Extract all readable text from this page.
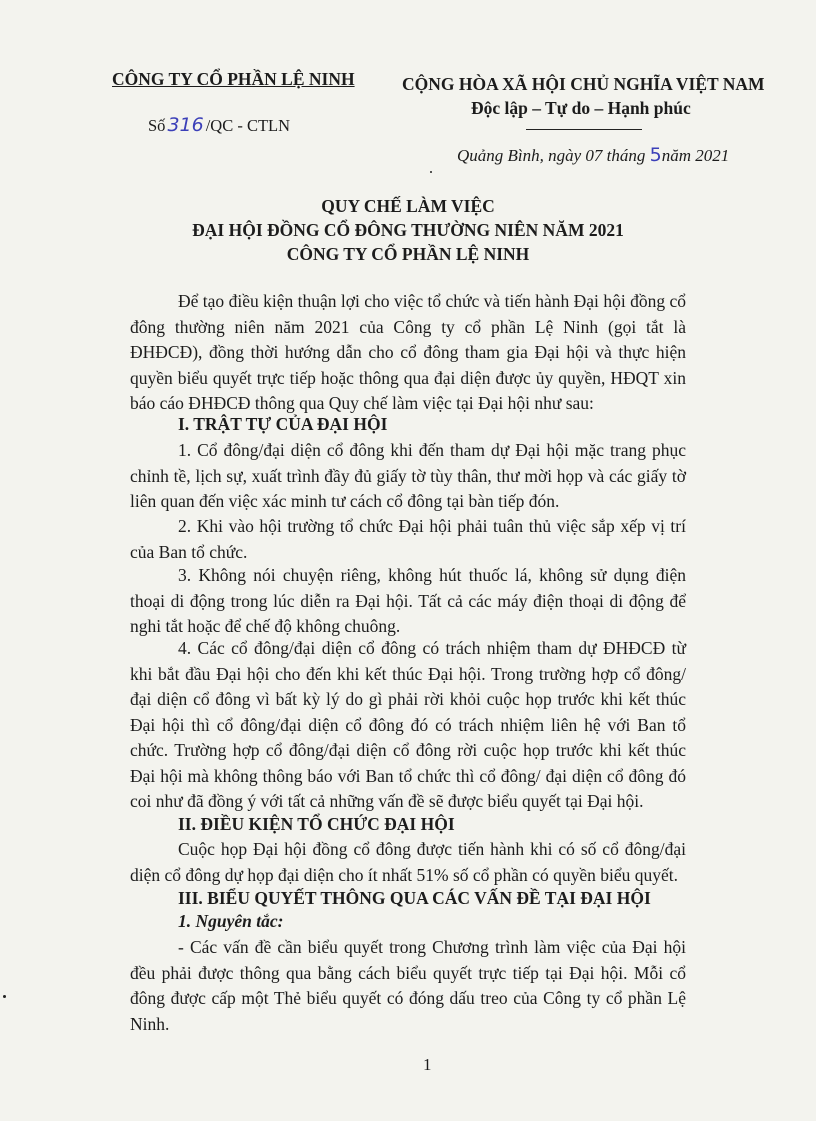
CÔNG TY CỔ PHẦN LỆ NINH
Số 316 /QC - CTLN
CỘNG HÒA XÃ HỘI CHỦ NGHĨA VIỆT NAM
Độc lập – Tự do – Hạnh phúc
Quảng Bình, ngày 07 tháng 5năm 2021
QUY CHẾ LÀM VIỆC
ĐẠI HỘI ĐỒNG CỔ ĐÔNG THƯỜNG NIÊN NĂM 2021
CÔNG TY CỔ PHẦN LỆ NINH
Để tạo điều kiện thuận lợi cho việc tổ chức và tiến hành Đại hội đồng cổ đông thường niên năm 2021 của Công ty cổ phần Lệ Ninh (gọi tắt là ĐHĐCĐ), đồng thời hướng dẫn cho cổ đông tham gia Đại hội và thực hiện quyền biểu quyết trực tiếp hoặc thông qua đại diện được ủy quyền, HĐQT xin báo cáo ĐHĐCĐ thông qua Quy chế làm việc tại Đại hội như sau:
I. TRẬT TỰ CỦA ĐẠI HỘI
1. Cổ đông/đại diện cổ đông khi đến tham dự Đại hội mặc trang phục chỉnh tề, lịch sự, xuất trình đầy đủ giấy tờ tùy thân, thư mời họp và các giấy tờ liên quan đến việc xác minh tư cách cổ đông tại bàn tiếp đón.
2. Khi vào hội trường tổ chức Đại hội phải tuân thủ việc sắp xếp vị trí của Ban tổ chức.
3. Không nói chuyện riêng, không hút thuốc lá, không sử dụng điện thoại di động trong lúc diễn ra Đại hội. Tất cả các máy điện thoại di động để nghi tắt hoặc để chế độ không chuông.
4. Các cổ đông/đại diện cổ đông có trách nhiệm tham dự ĐHĐCĐ từ khi bắt đầu Đại hội cho đến khi kết thúc Đại hội. Trong trường hợp cổ đông/đại diện cổ đông vì bất kỳ lý do gì phải rời khỏi cuộc họp trước khi kết thúc Đại hội thì cổ đông/đại diện cổ đông đó có trách nhiệm liên hệ với Ban tổ chức. Trường hợp cổ đông/đại diện cổ đông rời cuộc họp trước khi kết thúc Đại hội mà không thông báo với Ban tổ chức thì cổ đông/ đại diện cổ đông đó coi như đã đồng ý với tất cả những vấn đề sẽ được biểu quyết tại Đại hội.
II. ĐIỀU KIỆN TỔ CHỨC ĐẠI HỘI
Cuộc họp Đại hội đồng cổ đông được tiến hành khi có số cổ đông/đại diện cổ đông dự họp đại diện cho ít nhất 51% số cổ phần có quyền biểu quyết.
III. BIỂU QUYẾT THÔNG QUA CÁC VẤN ĐỀ TẠI ĐẠI HỘI
1. Nguyên tắc:
- Các vấn đề cần biểu quyết trong Chương trình làm việc của Đại hội đều phải được thông qua bằng cách biểu quyết trực tiếp tại Đại hội. Mỗi cổ đông được cấp một Thẻ biểu quyết có đóng dấu treo của Công ty cổ phần Lệ Ninh.
1
